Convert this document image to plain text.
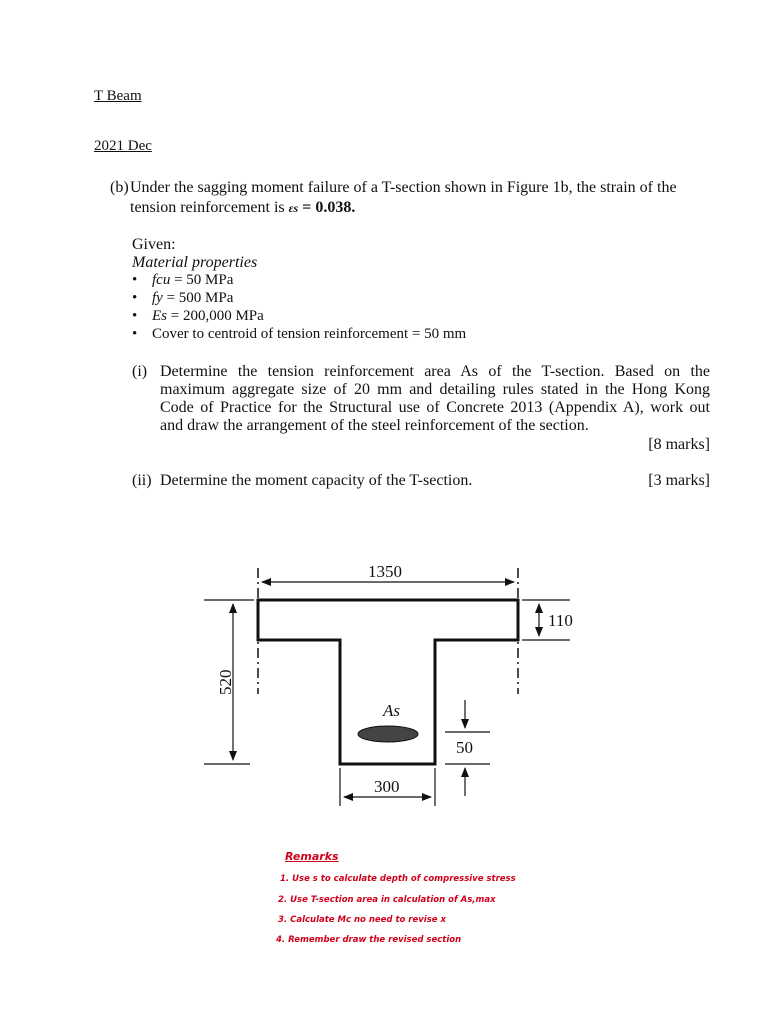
T Beam
2021 Dec
(b) Under the sagging moment failure of a T-section shown in Figure 1b, the strain of the
tension reinforcement is εs = 0.038.
Given:
Material properties
• fcu = 50 MPa
• fy = 500 MPa
• Es = 200,000 MPa
• Cover to centroid of tension reinforcement = 50 mm
(i) Determine the tension reinforcement area As of the T-section. Based on the
maximum aggregate size of 20 mm and detailing rules stated in the Hong Kong
Code of Practice for the Structural use of Concrete 2013 (Appendix A), work out
and draw the arrangement of the steel reinforcement of the section.
[8 marks]
(ii) Determine the moment capacity of the T-section.	[3 marks]
1350
110
520
300
50
As
Remarks
1. Use s to calculate depth of compressive stress
2. Use T-section area in calculation of As,max
3. Calculate Mc no need to revise x
4. Remember draw the revised section
